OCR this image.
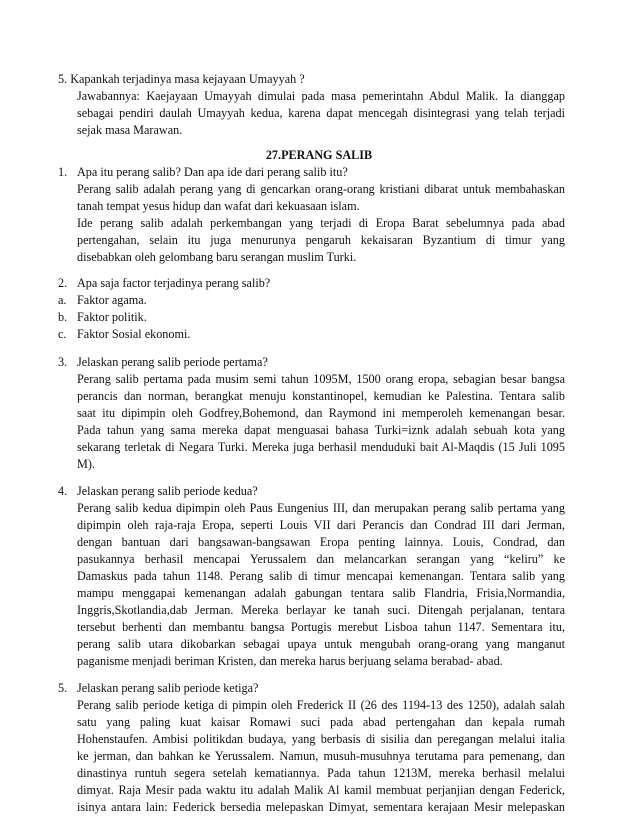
5. Kapankah terjadinya masa kejayaan Umayyah ?
Jawabannya: Kaejayaan Umayyah dimulai pada masa pemerintahn Abdul Malik. Ia dianggap
sebagai pendiri daulah Umayyah kedua, karena dapat mencegah disintegrasi yang telah terjadi
sejak masa Marawan.
27.PERANG SALIB
1. Apa itu perang salib? Dan apa ide dari perang salib itu?
Perang salib adalah perang yang di gencarkan orang-orang kristiani dibarat untuk membahaskan
tanah tempat yesus hidup dan wafat dari kekuasaan islam.
Ide perang salib adalah perkembangan yang terjadi di Eropa Barat sebelumnya pada abad
pertengahan, selain itu juga menurunya pengaruh kekaisaran Byzantium di timur yang
disebabkan oleh gelombang baru serangan muslim Turki.
2. Apa saja factor terjadinya perang salib?
a. Faktor agama.
b. Faktor politik.
c. Faktor Sosial ekonomi.
3. Jelaskan perang salib periode pertama?
Perang salib pertama pada musim semi tahun 1095M, 1500 orang eropa, sebagian besar bangsa
perancis dan norman, berangkat menuju konstantinopel, kemudian ke Palestina. Tentara salib
saat itu dipimpin oleh Godfrey,Bohemond, dan Raymond ini memperoleh kemenangan besar.
Pada tahun yang sama mereka dapat menguasai bahasa Turki=iznk adalah sebuah kota yang
sekarang terletak di Negara Turki. Mereka juga berhasil menduduki bait Al-Maqdis (15 Juli 1095
M).
4. Jelaskan perang salib periode kedua?
Perang salib kedua dipimpin oleh Paus Eungenius III, dan merupakan perang salib pertama yang
dipimpin oleh raja-raja Eropa, seperti Louis VII dari Perancis dan Condrad III dari Jerman,
dengan bantuan dari bangsawan-bangsawan Eropa penting lainnya. Louis, Condrad, dan
pasukannya berhasil mencapai Yerussalem dan melancarkan serangan yang “keliru” ke
Damaskus pada tahun 1148. Perang salib di timur mencapai kemenangan. Tentara salib yang
mampu menggapai kemenangan adalah gabungan tentara salib Flandria, Frisia,Normandia,
Inggris,Skotlandia,dab Jerman. Mereka berlayar ke tanah suci. Ditengah perjalanan, tentara
tersebut berhenti dan membantu bangsa Portugis merebut Lisboa tahun 1147. Sementara itu,
perang salib utara dikobarkan sebagai upaya untuk mengubah orang-orang yang manganut
paganisme menjadi beriman Kristen, dan mereka harus berjuang selama berabad- abad.
5. Jelaskan perang salib periode ketiga?
Perang salib periode ketiga di pimpin oleh Frederick II (26 des 1194-13 des 1250), adalah salah
satu yang paling kuat kaisar Romawi suci pada abad pertengahan dan kepala rumah
Hohenstaufen. Ambisi politikdan budaya, yang berbasis di sisilia dan peregangan melalui italia
ke jerman, dan bahkan ke Yerussalem. Namun, musuh-musuhnya terutama para pemenang, dan
dinastinya runtuh segera setelah kematiannya. Pada tahun 1213M, mereka berhasil melalui
dimyat. Raja Mesir pada waktu itu adalah Malik Al kamil membuat perjanjian dengan Federick,
isinya antara lain: Federick bersedia melepaskan Dimyat, sementara kerajaan Mesir melepaskan
